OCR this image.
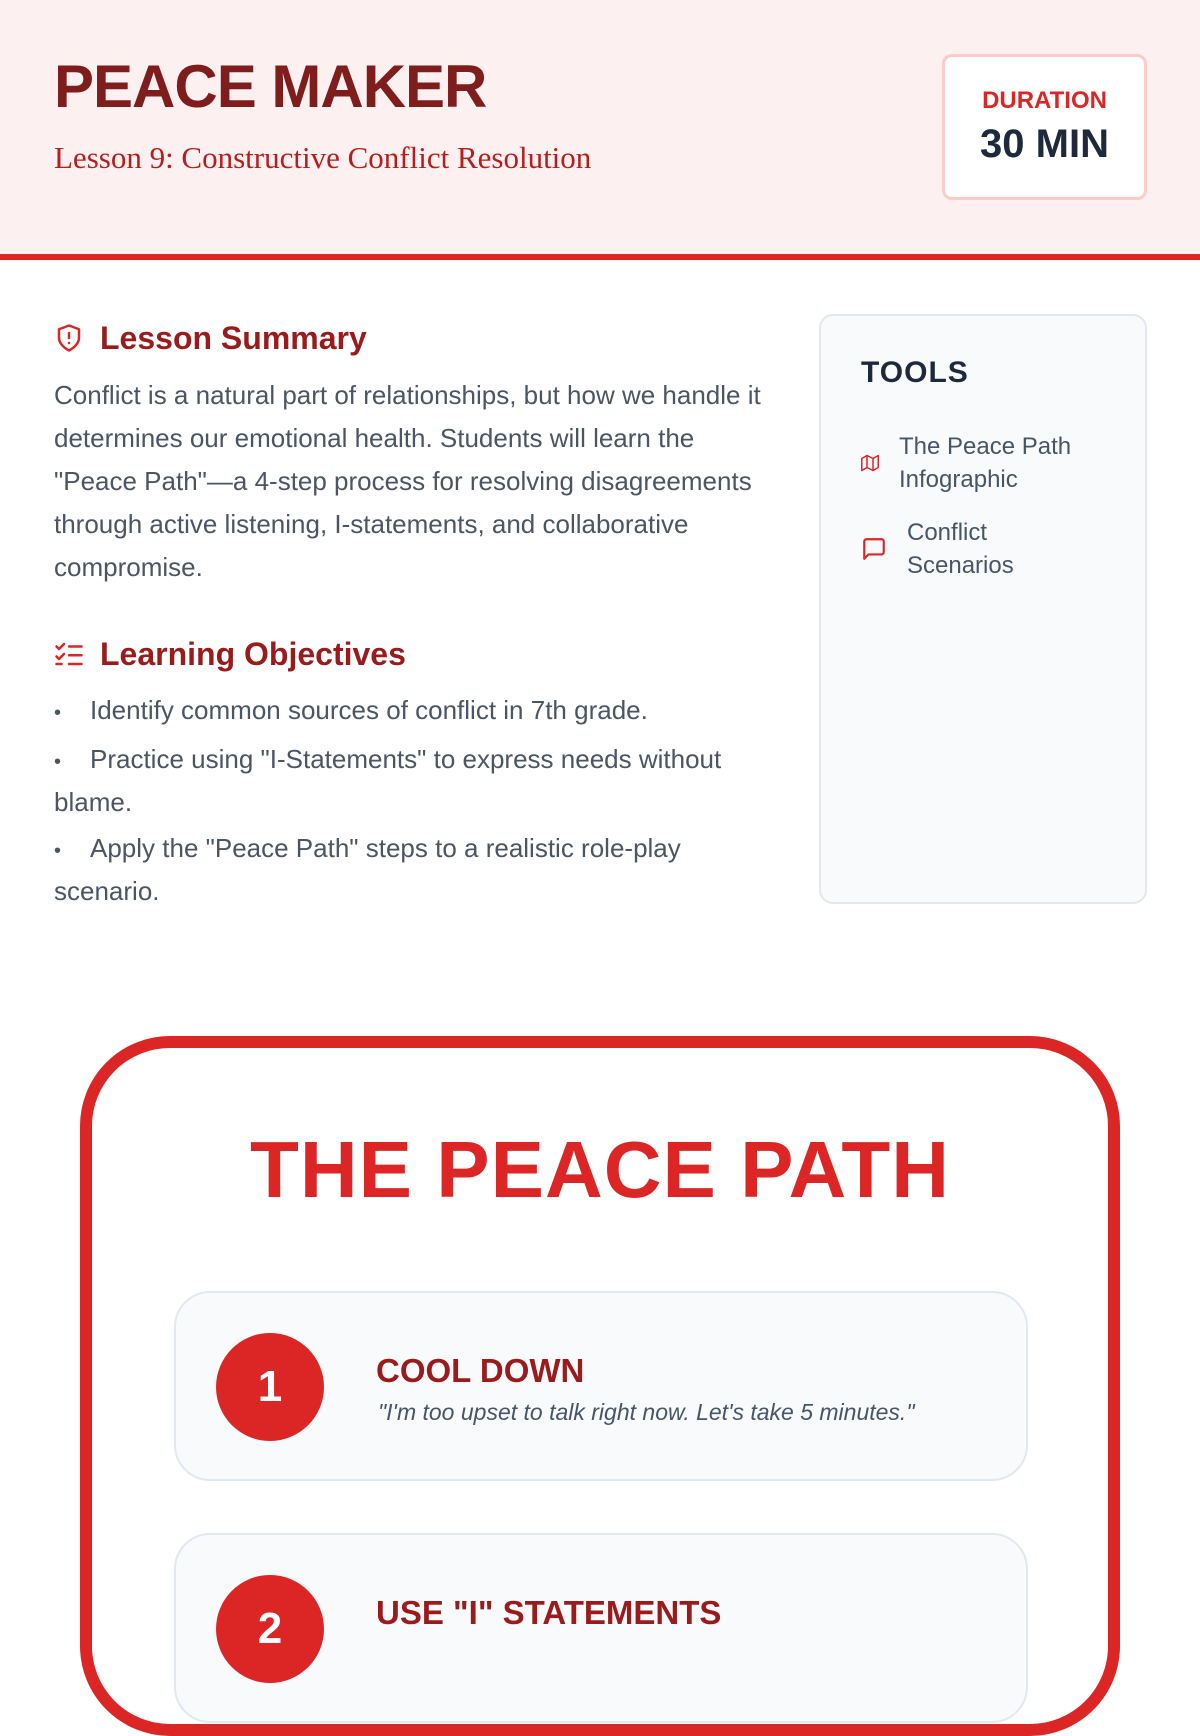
PEACE MAKER
Lesson 9: Constructive Conflict Resolution
DURATION
30 MIN
Lesson Summary

Conflict is a natural part of relationships, but how we handle it determines our emotional health. Students will learn the "Peace Path"—a 4-step process for resolving disagreements through active listening, I-statements, and collaborative compromise.

Learning Objectives
• Identify common sources of conflict in 7th grade.
• Practice using "I-Statements" to express needs without blame.
• Apply the "Peace Path" steps to a realistic role-play scenario.
TOOLS
The Peace Path Infographic
Conflict Scenarios
THE PEACE PATH
1	COOL DOWN
"I'm too upset to talk right now. Let's take 5 minutes."
2	USE "I" STATEMENTS
